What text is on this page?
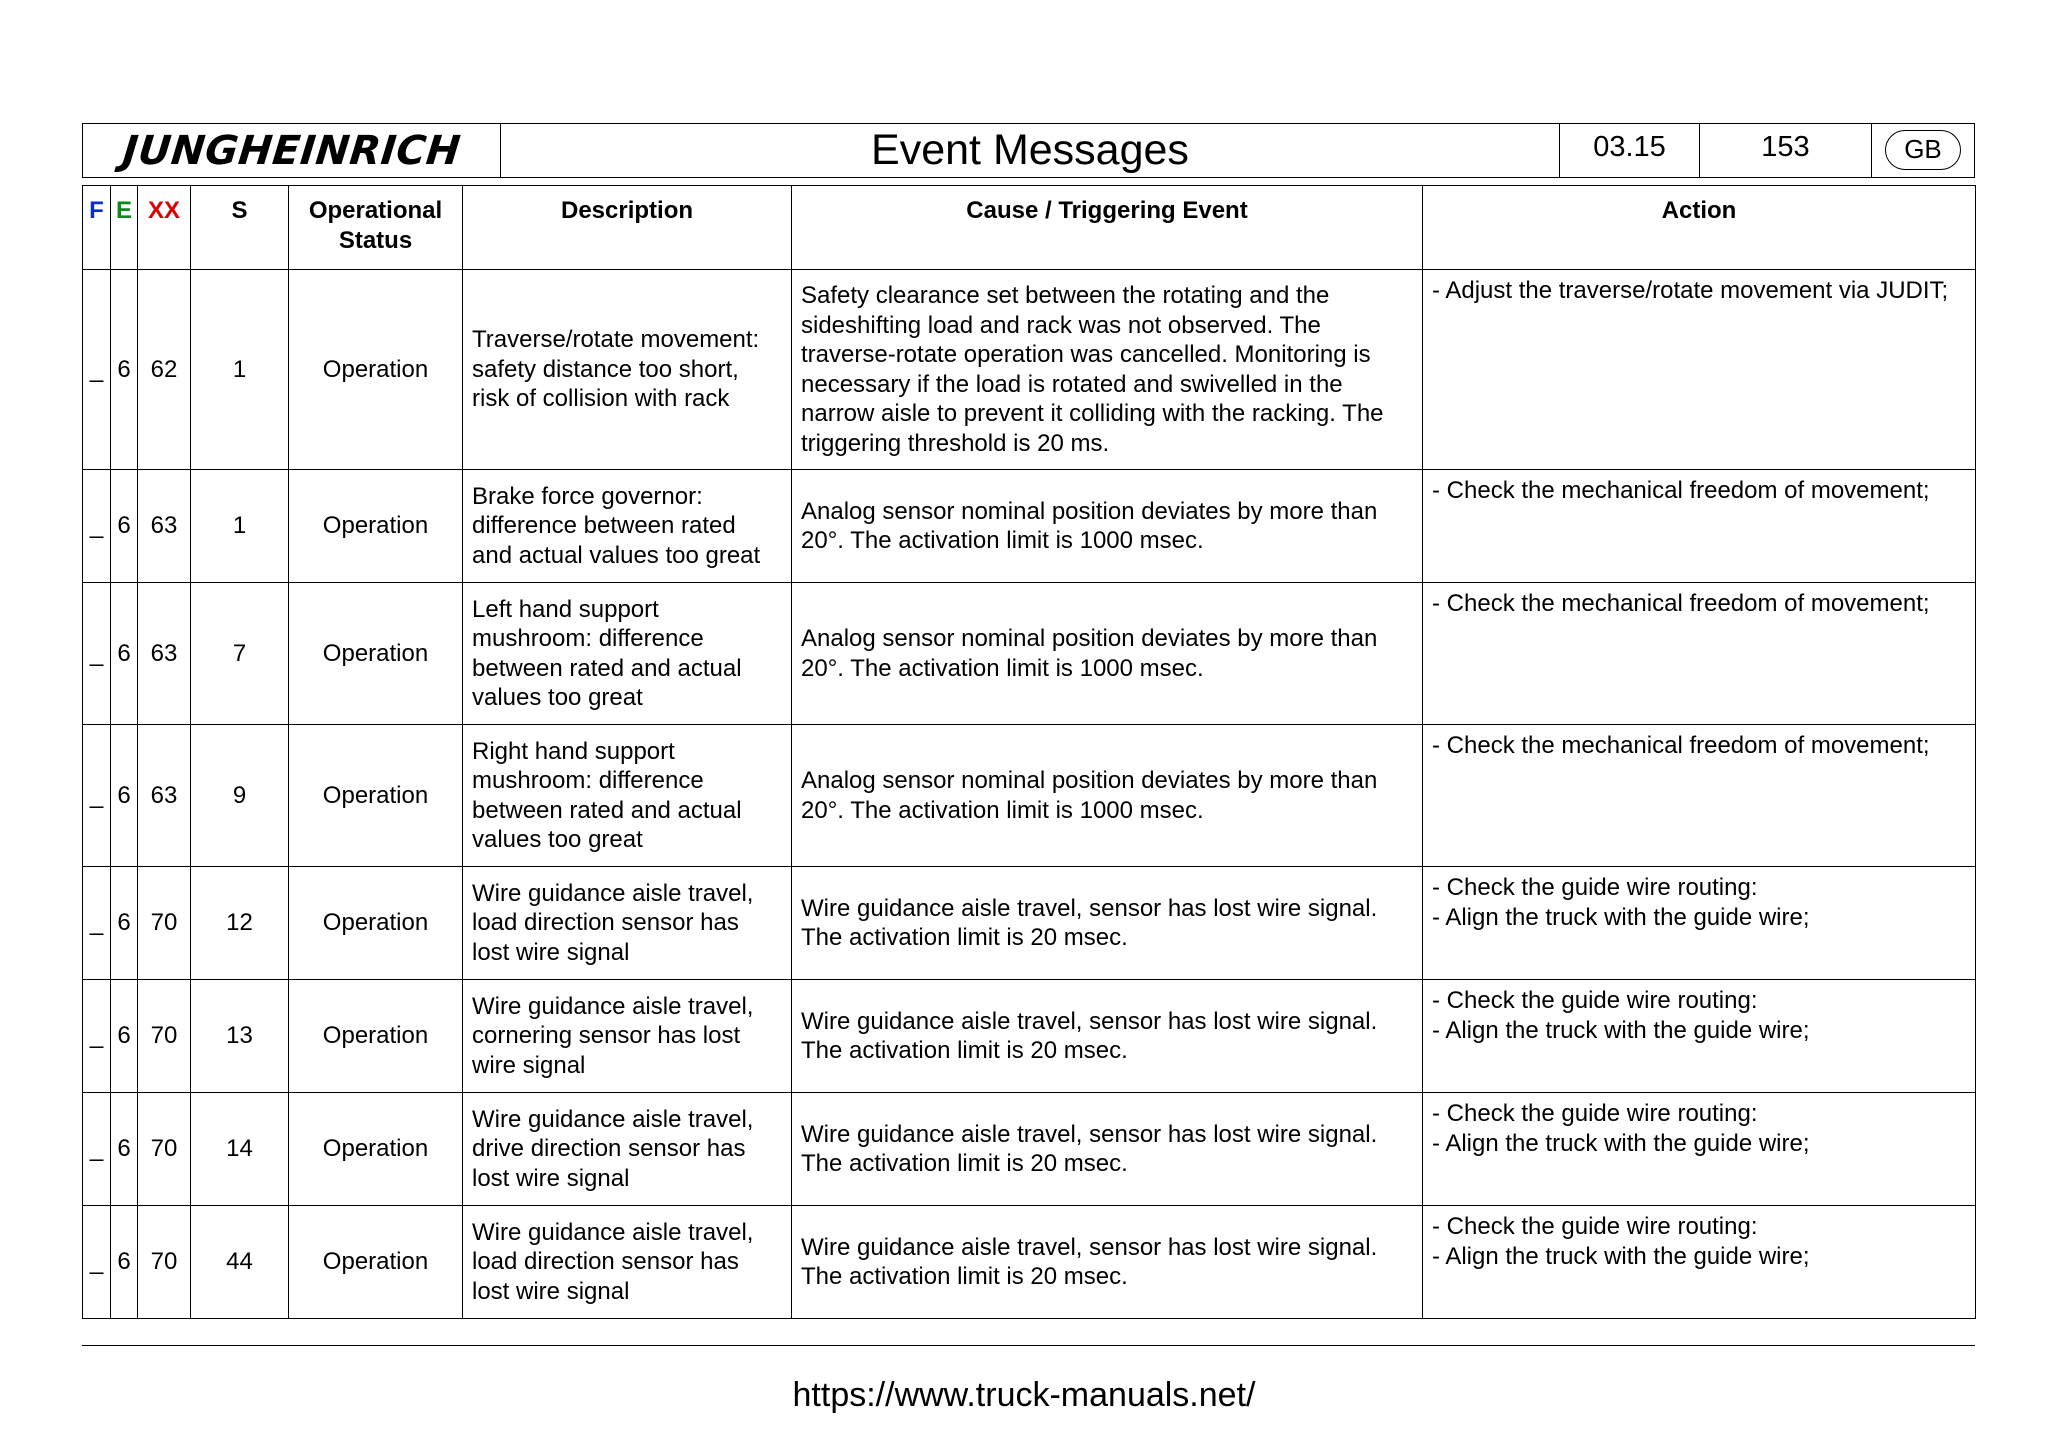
JUNGHEINRICH	Event Messages	03.15	153	GB
F	E	XX	S	Operational Status	Description	Cause / Triggering Event	Action
_	6	62	1	Operation	Traverse/rotate movement: safety distance too short, risk of collision with rack	Safety clearance set between the rotating and the sideshifting load and rack was not observed. The traverse-rotate operation was cancelled. Monitoring is necessary if the load is rotated and swivelled in the narrow aisle to prevent it colliding with the racking. The triggering threshold is 20 ms.	- Adjust the traverse/rotate movement via JUDIT;

_	6	63	1	Operation	Brake force governor: difference between rated and actual values too great	Analog sensor nominal position deviates by more than 20°. The activation limit is 1000 msec.	- Check the mechanical freedom of movement;

_	6	63	7	Operation	Left hand support mushroom: difference between rated and actual values too great	Analog sensor nominal position deviates by more than 20°. The activation limit is 1000 msec.	- Check the mechanical freedom of movement;

_	6	63	9	Operation	Right hand support mushroom: difference between rated and actual values too great	Analog sensor nominal position deviates by more than 20°. The activation limit is 1000 msec.	- Check the mechanical freedom of movement;

_	6	70	12	Operation	Wire guidance aisle travel, load direction sensor has lost wire signal	Wire guidance aisle travel, sensor has lost wire signal. The activation limit is 20 msec.	- Check the guide wire routing:
- Align the truck with the guide wire;

_	6	70	13	Operation	Wire guidance aisle travel, cornering sensor has lost wire signal	Wire guidance aisle travel, sensor has lost wire signal. The activation limit is 20 msec.	- Check the guide wire routing:
- Align the truck with the guide wire;

_	6	70	14	Operation	Wire guidance aisle travel, drive direction sensor has lost wire signal	Wire guidance aisle travel, sensor has lost wire signal. The activation limit is 20 msec.	- Check the guide wire routing:
- Align the truck with the guide wire;

_	6	70	44	Operation	Wire guidance aisle travel, load direction sensor has lost wire signal	Wire guidance aisle travel, sensor has lost wire signal. The activation limit is 20 msec.	- Check the guide wire routing:
- Align the truck with the guide wire;
https://www.truck-manuals.net/
